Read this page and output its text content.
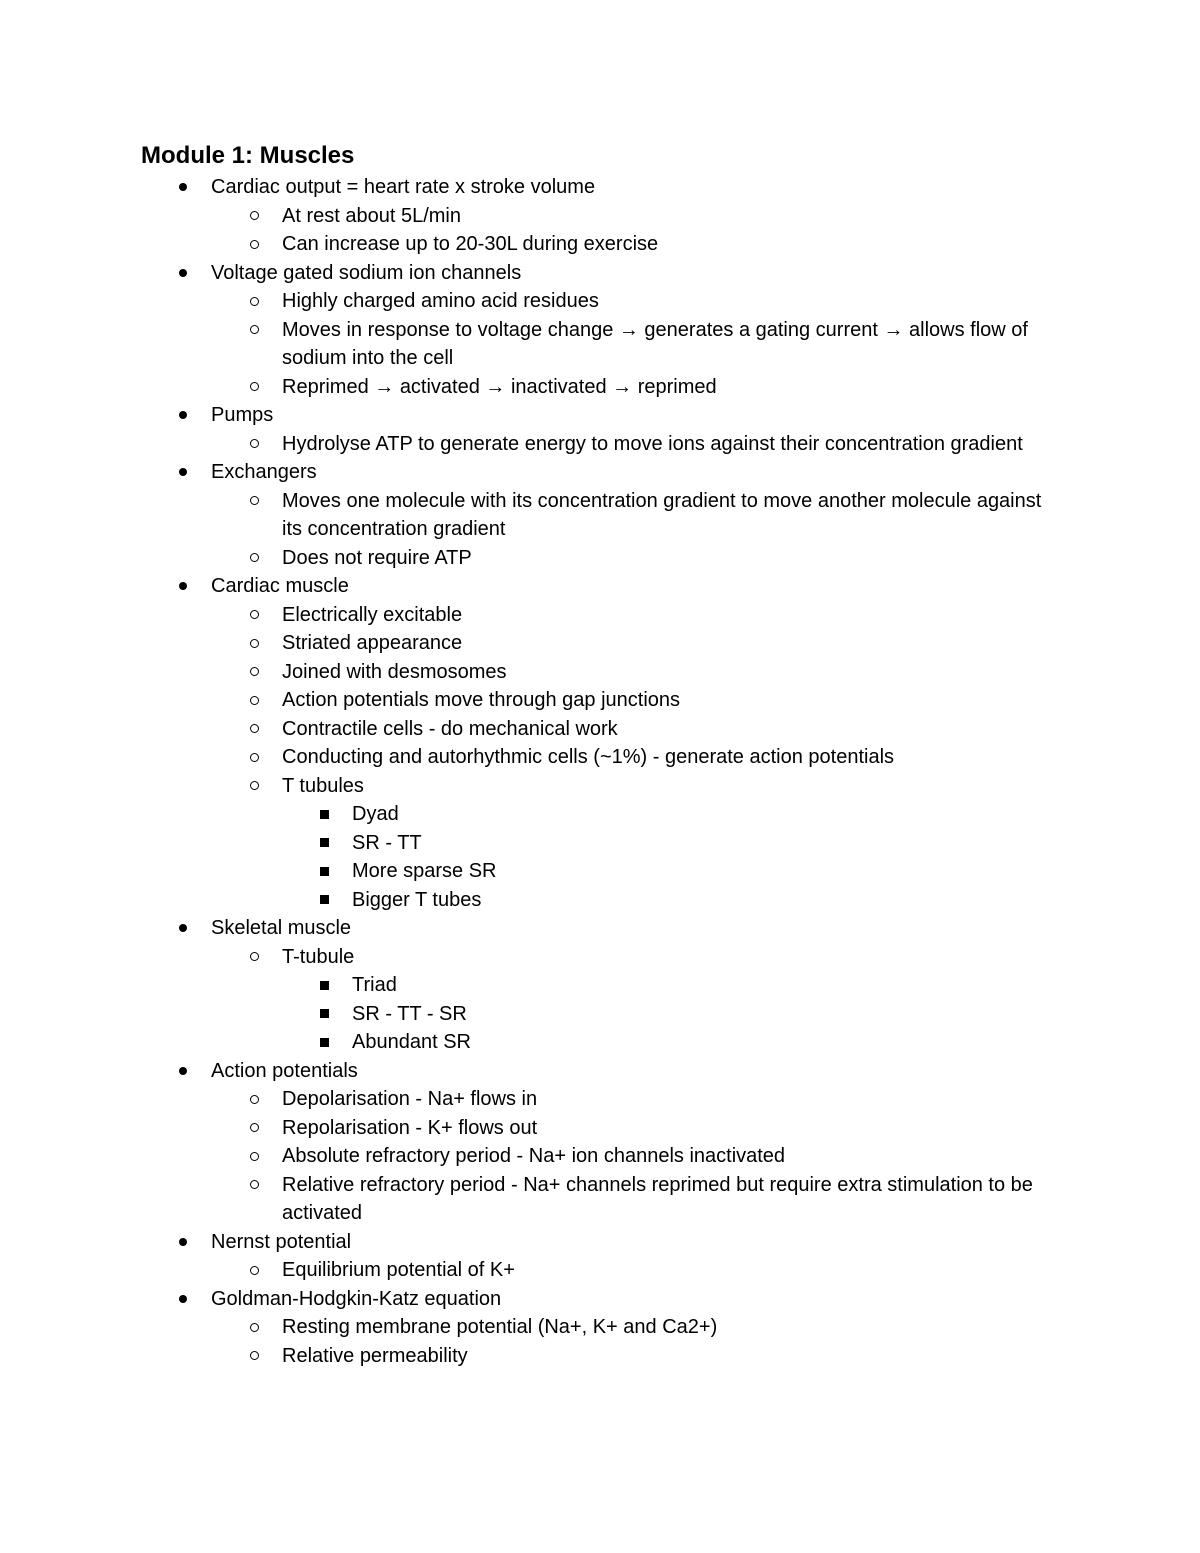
Module 1: Muscles
Cardiac output = heart rate x stroke volume
At rest about 5L/min
Can increase up to 20-30L during exercise
Voltage gated sodium ion channels
Highly charged amino acid residues
Moves in response to voltage change → generates a gating current → allows flow of sodium into the cell
Reprimed → activated → inactivated → reprimed
Pumps
Hydrolyse ATP to generate energy to move ions against their concentration gradient
Exchangers
Moves one molecule with its concentration gradient to move another molecule against its concentration gradient
Does not require ATP
Cardiac muscle
Electrically excitable
Striated appearance
Joined with desmosomes
Action potentials move through gap junctions
Contractile cells - do mechanical work
Conducting and autorhythmic cells (~1%) - generate action potentials
T tubules
Dyad
SR - TT
More sparse SR
Bigger T tubes
Skeletal muscle
T-tubule
Triad
SR - TT - SR
Abundant SR
Action potentials
Depolarisation - Na+ flows in
Repolarisation - K+ flows out
Absolute refractory period - Na+ ion channels inactivated
Relative refractory period - Na+ channels reprimed but require extra stimulation to be activated
Nernst potential
Equilibrium potential of K+
Goldman-Hodgkin-Katz equation
Resting membrane potential (Na+, K+ and Ca2+)
Relative permeability
